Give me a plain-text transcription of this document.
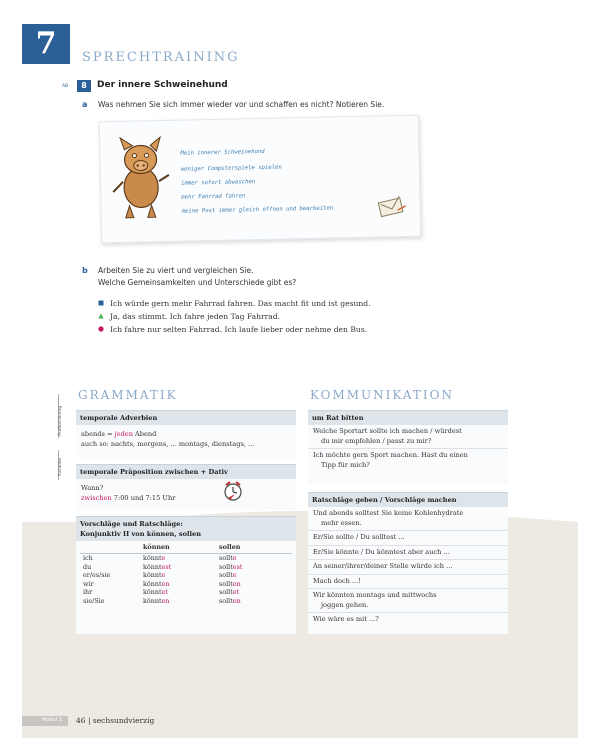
7	SPRECHTRAINING
AB	8	Der innere Schweinehund
a Was nehmen Sie sich immer wieder vor und schaffen es nicht? Notieren Sie.
Mein innerer Schweinehund
weniger Computerspiele spielen
immer sofort abwaschen
mehr Fahrrad fahren
meine Post immer gleich öffnen und bearbeiten
b Arbeiten Sie zu viert und vergleichen Sie.
Welche Gemeinsamkeiten und Unterschiede gibt es?
Ich würde gern mehr Fahrrad fahren. Das macht fit und ist gesund.
Ja, das stimmt. Ich fahre jeden Tag Fahrrad.
Ich fahre nur selten Fahrrad. Ich laufe lieber oder nehme den Bus.
GRAMMATIK	KOMMUNIKATION
Audiotraining
Karaoke
temporale Adverbien
abends = jeden Abend
auch so: nachts, morgens, ... montags, dienstags, ...
temporale Präposition zwischen + Dativ
Wann?
zwischen 7:00 und 7:15 Uhr
Vorschläge und Ratschläge:
Konjunktiv II von können, sollen
	können	sollen
ich	könnte	sollte
du	könntest	solltest
er/es/sie	könnte	sollte
wir	könnten	sollten
ihr	könntet	solltet
sie/Sie	könnten	sollten
um Rat bitten
Welche Sportart sollte ich machen / würdest
du mir empfehlen / passt zu mir?
Ich möchte gern Sport machen. Hast du einen
Tipp für mich?
Ratschläge geben / Vorschläge machen
Und abends solltest Sie keine Kohlenhydrate
mehr essen.
Er/Sie sollte / Du solltest ...
Er/Sie könnte / Du könntest aber auch ...
An seiner/ihrer/deiner Stelle würde ich ...
Mach doch ...!
Wir könnten montags und mittwochs
joggen gehen.
Wie wäre es mit ...?
Modul 3 46 | sechsundvierzig
